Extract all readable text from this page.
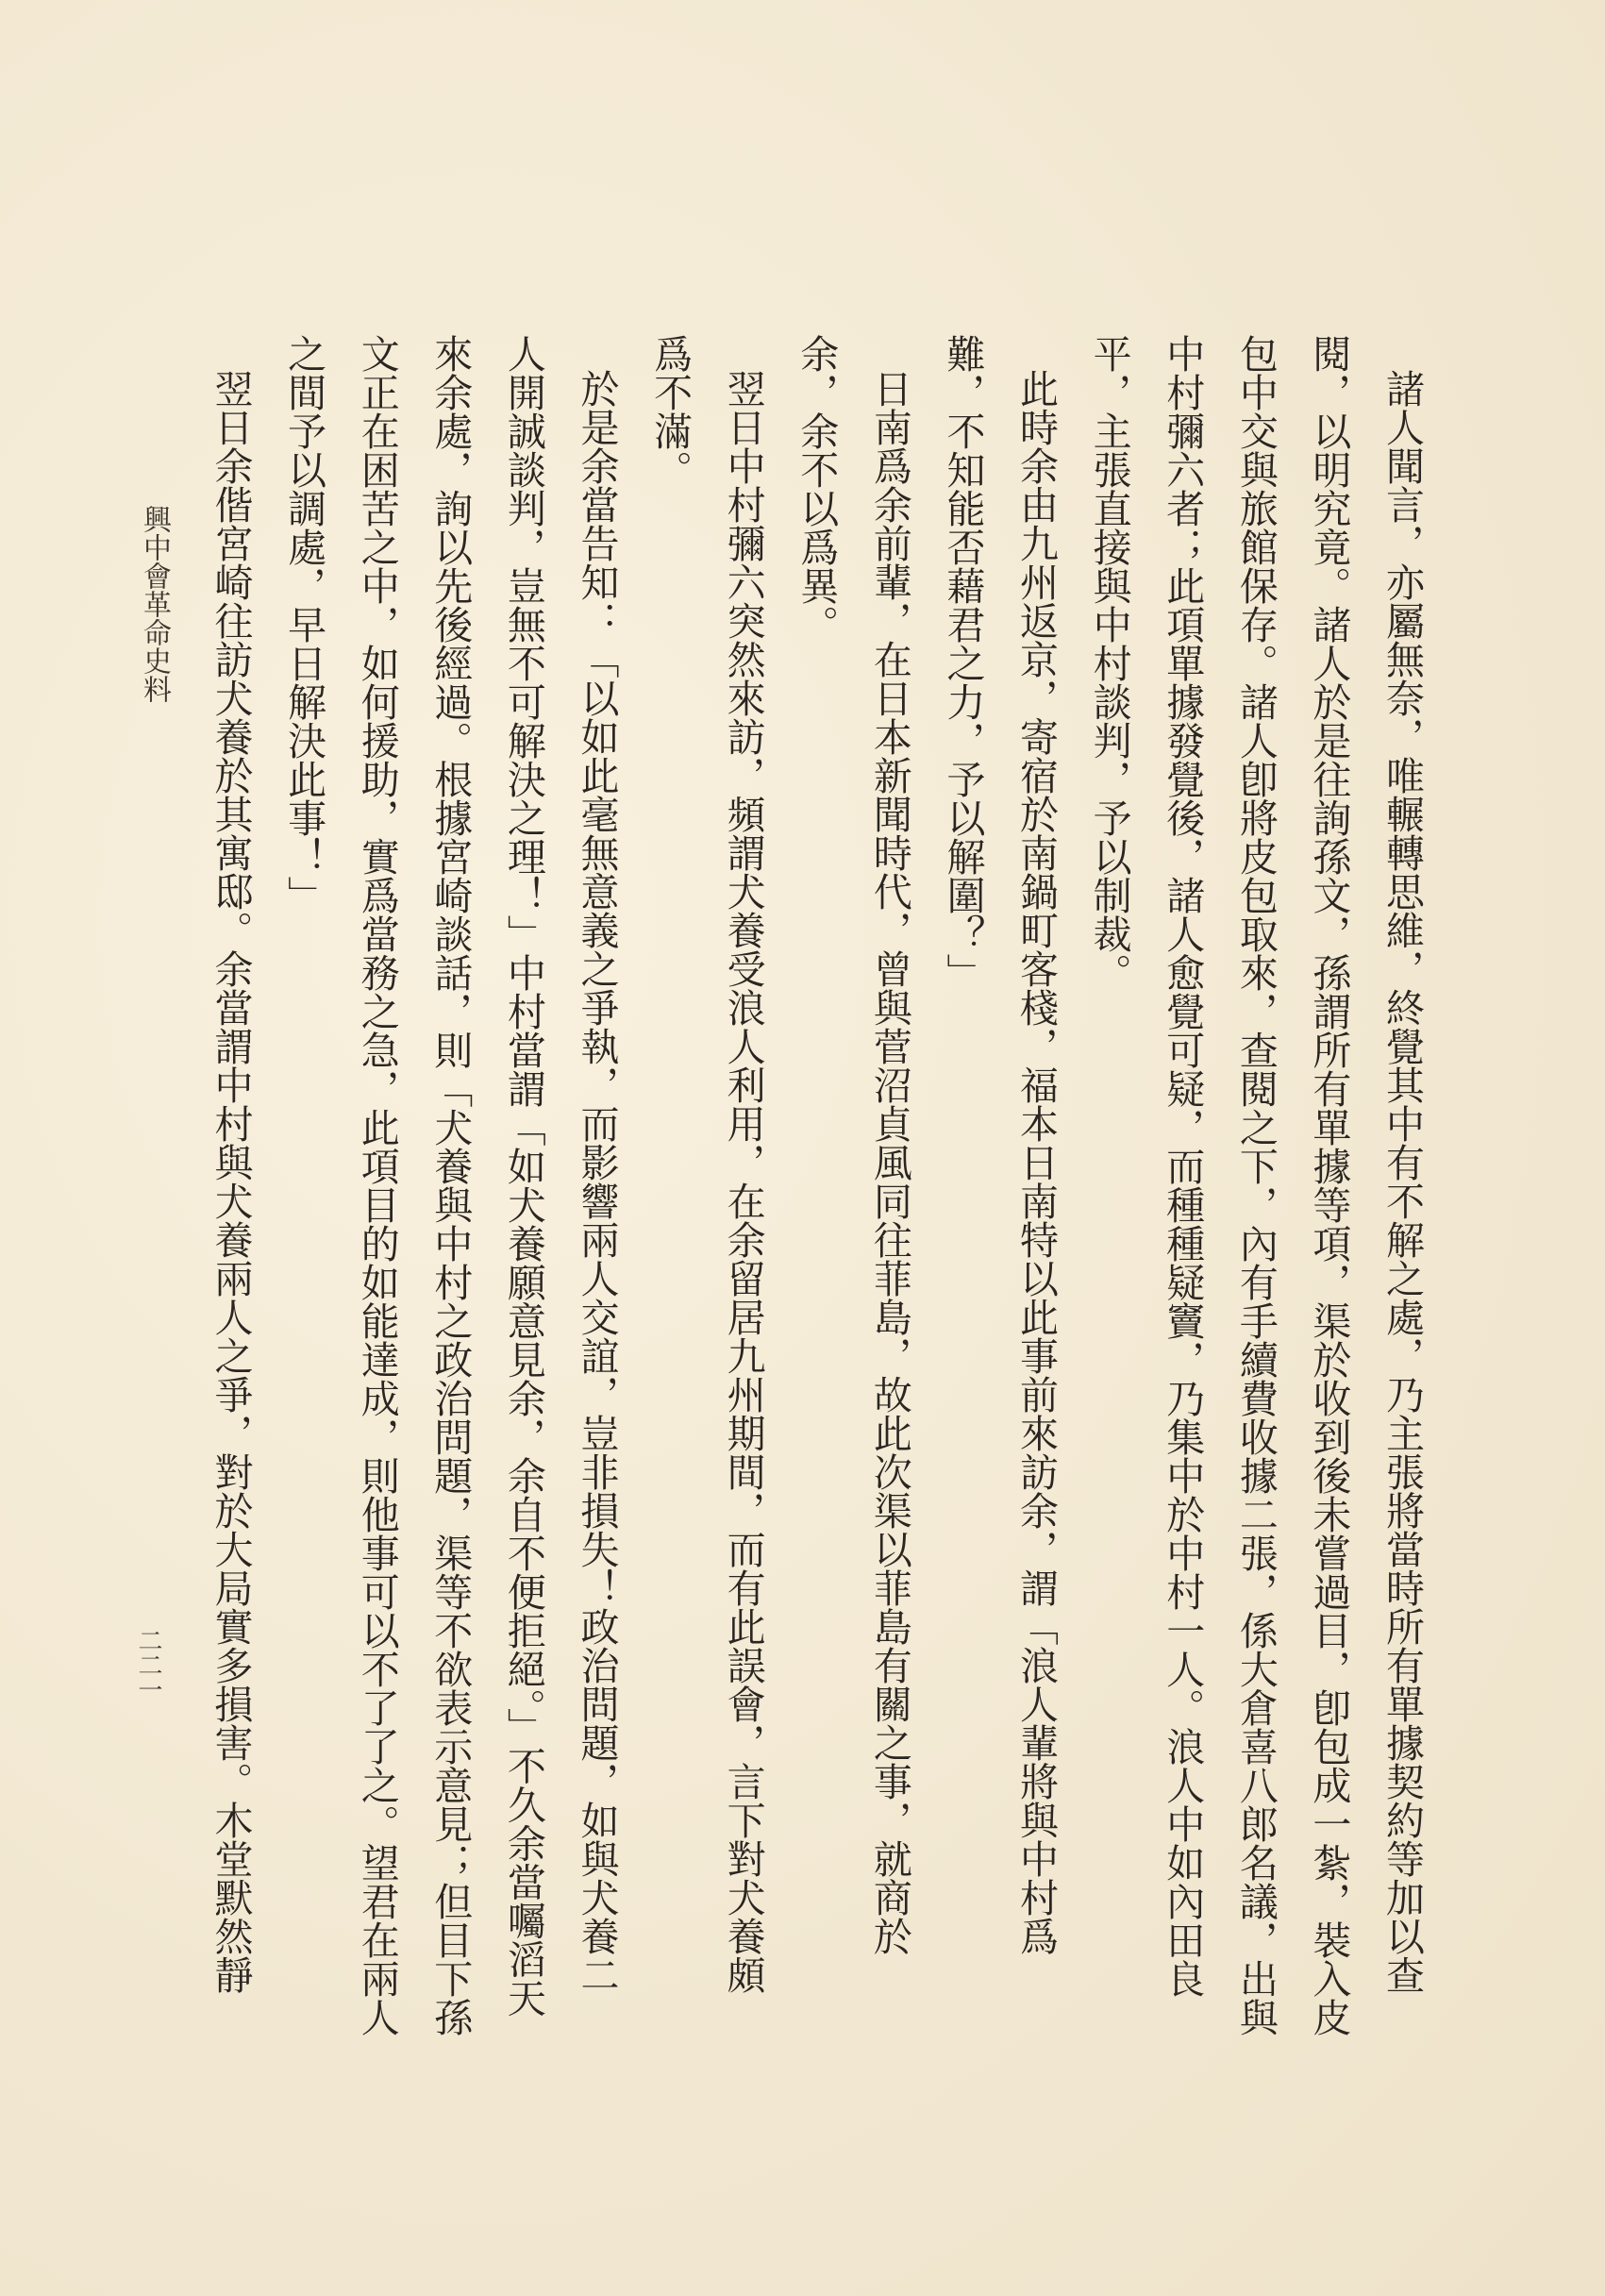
諸人聞言，亦屬無奈，唯輾轉思維，終覺其中有不解之處，乃主張將當時所有單據契約等加以查
閱，以明究竟。諸人於是往詢孫文，孫謂所有單據等項，渠於收到後未嘗過目，卽包成一紮，裝入皮
包中交與旅館保存。諸人卽將皮包取來，查閱之下，內有手續費收據二張，係大倉喜八郎名議，出與
中村彌六者；此項單據發覺後，諸人愈覺可疑，而種種疑竇，乃集中於中村一人。浪人中如內田良
平，主張直接與中村談判，予以制裁。
此時余由九州返京，寄宿於南鍋町客棧，福本日南特以此事前來訪余，謂「浪人輩將與中村爲
難，不知能否藉君之力，予以解圍？」
日南爲余前輩，在日本新聞時代，曾與菅沼貞風同往菲島，故此次渠以菲島有關之事，就商於
余，余不以爲異。
翌日中村彌六突然來訪，頻謂犬養受浪人利用，在余留居九州期間，而有此誤會，言下對犬養頗
爲不滿。
於是余當告知：「以如此毫無意義之爭執，而影響兩人交誼，豈非損失！政治問題，如與犬養二
人開誠談判，豈無不可解決之理！」中村當謂「如犬養願意見余，余自不便拒絕。」不久余當囑滔天
來余處，詢以先後經過。根據宮崎談話，則「犬養與中村之政治問題，渠等不欲表示意見；但目下孫
文正在困苦之中，如何援助，實爲當務之急，此項目的如能達成，則他事可以不了了之。望君在兩人
之間予以調處，早日解決此事！」
翌日余偕宮崎往訪犬養於其寓邸。余當謂中村與犬養兩人之爭，對於大局實多損害。木堂默然靜
興中會革命史料
二二一
